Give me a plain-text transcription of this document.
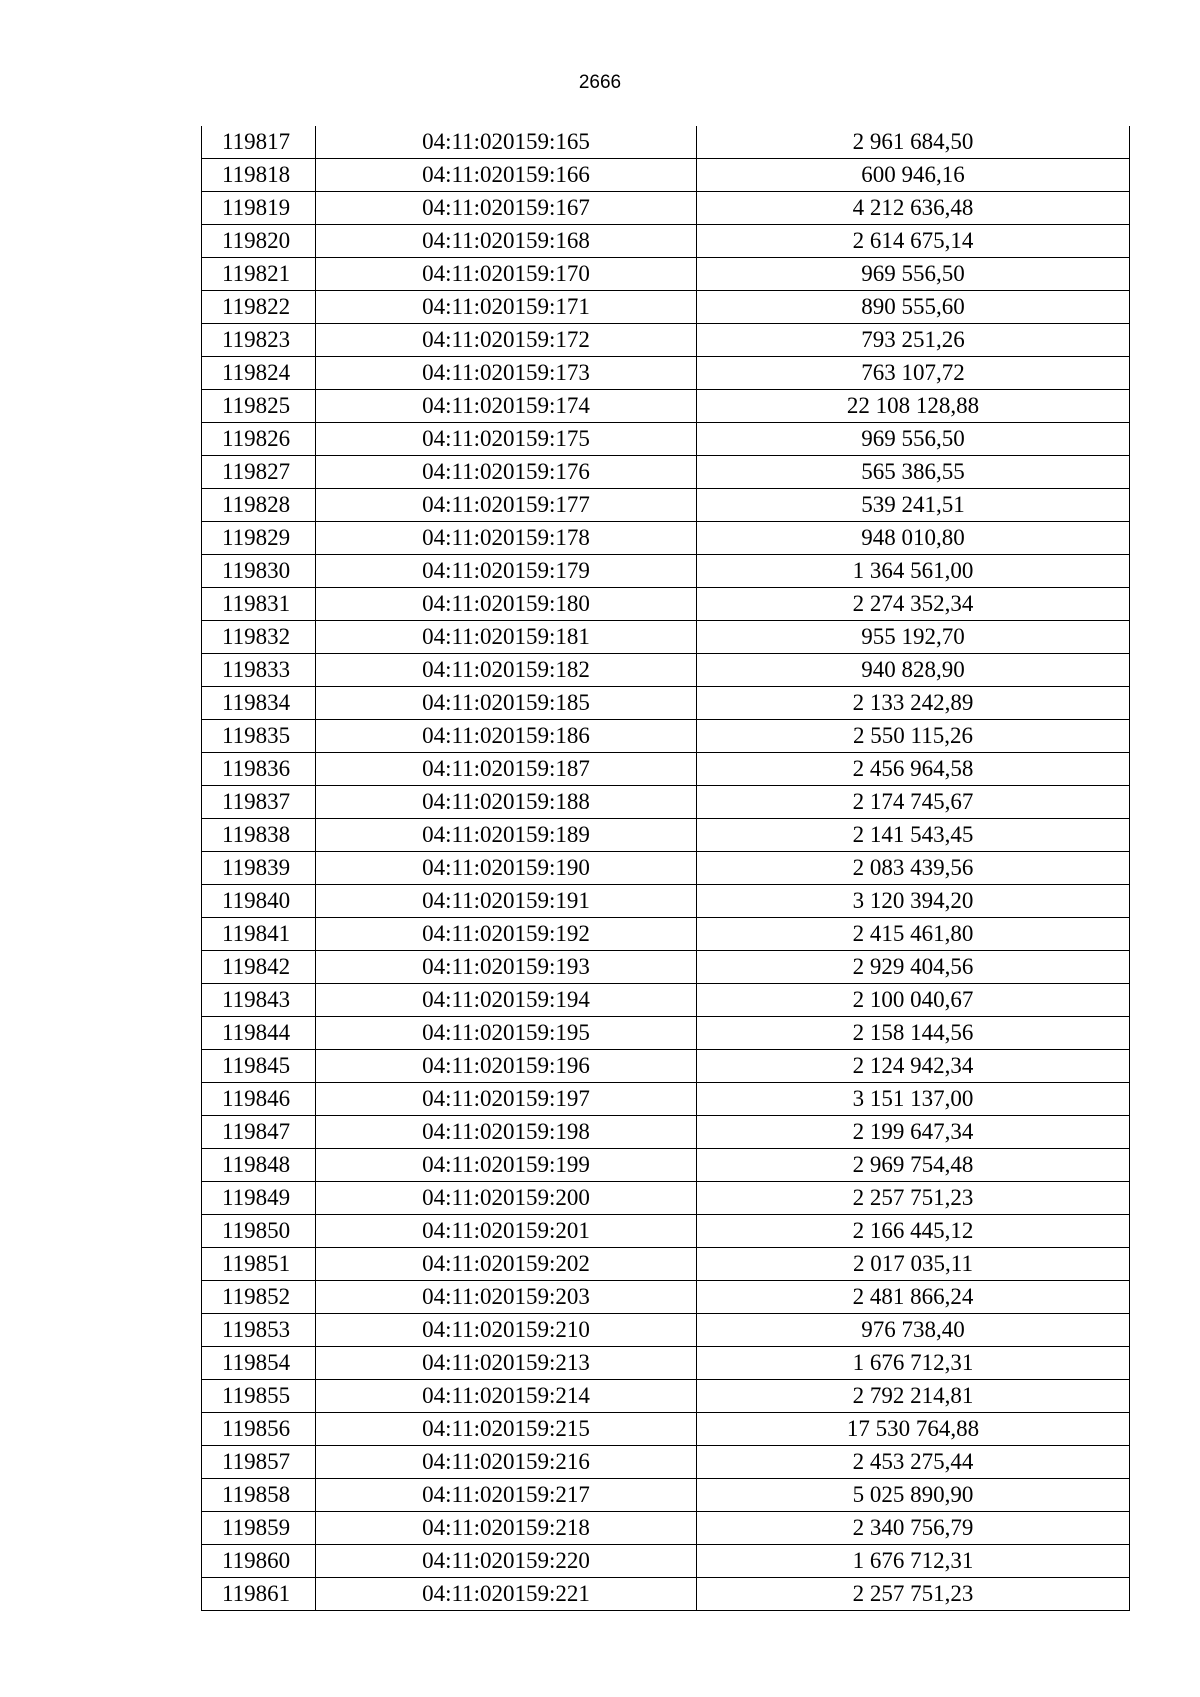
2666
119817	04:11:020159:165	2 961 684,50
119818	04:11:020159:166	600 946,16
119819	04:11:020159:167	4 212 636,48
119820	04:11:020159:168	2 614 675,14
119821	04:11:020159:170	969 556,50
119822	04:11:020159:171	890 555,60
119823	04:11:020159:172	793 251,26
119824	04:11:020159:173	763 107,72
119825	04:11:020159:174	22 108 128,88
119826	04:11:020159:175	969 556,50
119827	04:11:020159:176	565 386,55
119828	04:11:020159:177	539 241,51
119829	04:11:020159:178	948 010,80
119830	04:11:020159:179	1 364 561,00
119831	04:11:020159:180	2 274 352,34
119832	04:11:020159:181	955 192,70
119833	04:11:020159:182	940 828,90
119834	04:11:020159:185	2 133 242,89
119835	04:11:020159:186	2 550 115,26
119836	04:11:020159:187	2 456 964,58
119837	04:11:020159:188	2 174 745,67
119838	04:11:020159:189	2 141 543,45
119839	04:11:020159:190	2 083 439,56
119840	04:11:020159:191	3 120 394,20
119841	04:11:020159:192	2 415 461,80
119842	04:11:020159:193	2 929 404,56
119843	04:11:020159:194	2 100 040,67
119844	04:11:020159:195	2 158 144,56
119845	04:11:020159:196	2 124 942,34
119846	04:11:020159:197	3 151 137,00
119847	04:11:020159:198	2 199 647,34
119848	04:11:020159:199	2 969 754,48
119849	04:11:020159:200	2 257 751,23
119850	04:11:020159:201	2 166 445,12
119851	04:11:020159:202	2 017 035,11
119852	04:11:020159:203	2 481 866,24
119853	04:11:020159:210	976 738,40
119854	04:11:020159:213	1 676 712,31
119855	04:11:020159:214	2 792 214,81
119856	04:11:020159:215	17 530 764,88
119857	04:11:020159:216	2 453 275,44
119858	04:11:020159:217	5 025 890,90
119859	04:11:020159:218	2 340 756,79
119860	04:11:020159:220	1 676 712,31
119861	04:11:020159:221	2 257 751,23
